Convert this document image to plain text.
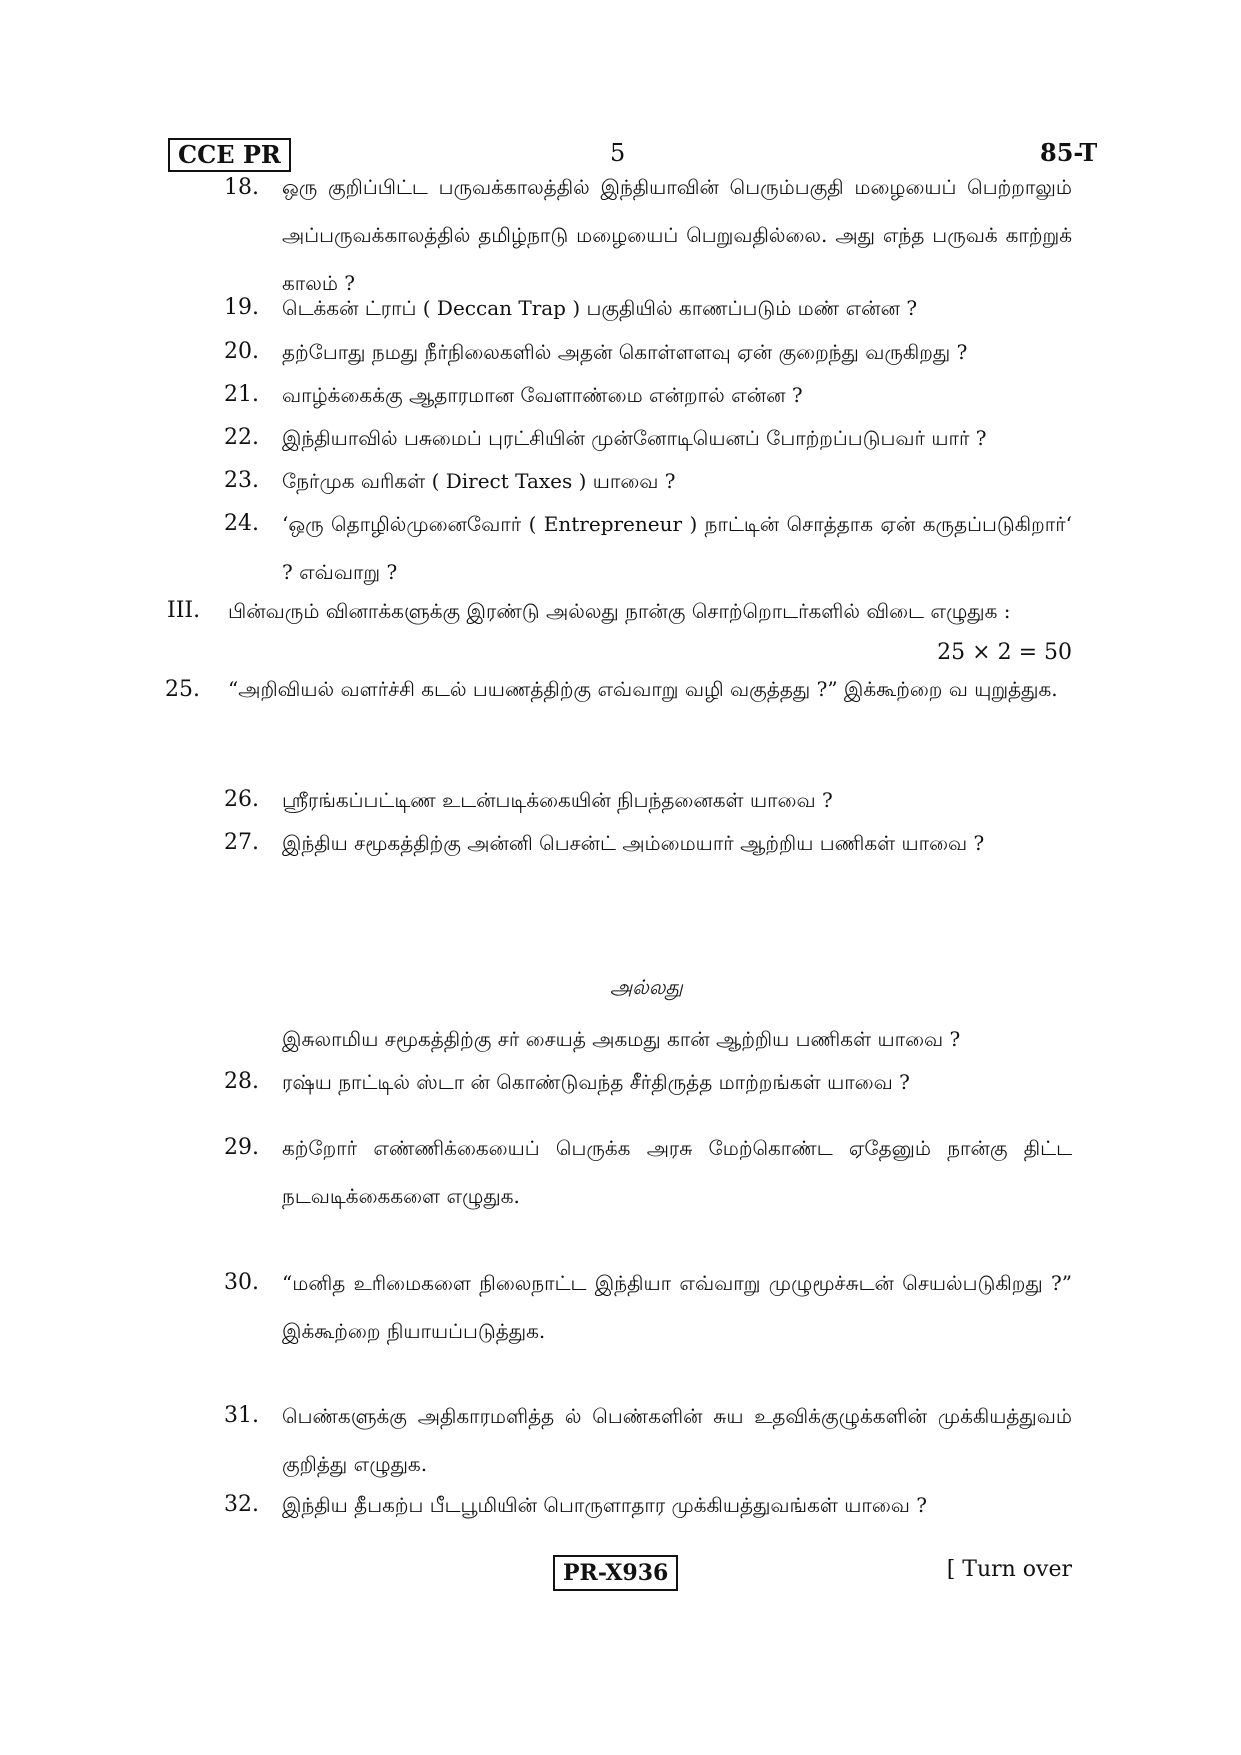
CCE PR	5	85-T
18. ஒரு குறிப்பிட்ட பருவக்காலத்தில் இந்தியாவின் பெரும்பகுதி மழையைப் பெற்றாலும் அப்பருவக்காலத்தில் தமிழ்நாடு மழையைப் பெறுவதில்லை. அது எந்த பருவக் காற்றுக் காலம் ?
19. டெக்கன் ட்ராப் ( Deccan Trap ) பகுதியில் காணப்படும் மண் என்ன ?
20. தற்போது நமது நீர்நிலைகளில் அதன் கொள்ளளவு ஏன் குறைந்து வருகிறது ?
21. வாழ்க்கைக்கு ஆதாரமான வேளாண்மை என்றால் என்ன ?
22. இந்தியாவில் பசுமைப் புரட்சியின் முன்னோடியெனப் போற்றப்படுபவர் யார் ?
23. நேர்முக வரிகள் ( Direct Taxes ) யாவை ?
24. ‘ஒரு தொழில்முனைவோர் ( Entrepreneur ) நாட்டின் சொத்தாக ஏன் கருதப்படுகிறார்‘ ? எவ்வாறு ?
III. பின்வரும் வினாக்களுக்கு இரண்டு அல்லது நான்கு சொற்றொடர்களில் விடை எழுதுக :
25 × 2 = 50
25. “அறிவியல் வளர்ச்சி கடல் பயணத்திற்கு எவ்வாறு வழி வகுத்தது ?” இக்கூற்றை வ யுறுத்துக.
26. ஸ்ரீரங்கப்பட்டிண உடன்படிக்கையின் நிபந்தனைகள் யாவை ?
27. இந்திய சமூகத்திற்கு அன்னி பெசன்ட் அம்மையார் ஆற்றிய பணிகள் யாவை ?
அல்லது
இசுலாமிய சமூகத்திற்கு சர் சையத் அகமது கான் ஆற்றிய பணிகள் யாவை ?
28. ரஷ்ய நாட்டில் ஸ்டா ன் கொண்டுவந்த சீர்திருத்த மாற்றங்கள் யாவை ?
29. கற்றோர் எண்ணிக்கையைப் பெருக்க அரசு மேற்கொண்ட ஏதேனும் நான்கு திட்ட நடவடிக்கைகளை எழுதுக.
30. “மனித உரிமைகளை நிலைநாட்ட இந்தியா எவ்வாறு முழுமூச்சுடன் செயல்படுகிறது ?” இக்கூற்றை நியாயப்படுத்துக.
31. பெண்களுக்கு அதிகாரமளித்த ல் பெண்களின் சுய உதவிக்குழுக்களின் முக்கியத்துவம் குறித்து எழுதுக.
32. இந்திய தீபகற்ப பீடபூமியின் பொருளாதார முக்கியத்துவங்கள் யாவை ?
PR-X936	[ Turn over
